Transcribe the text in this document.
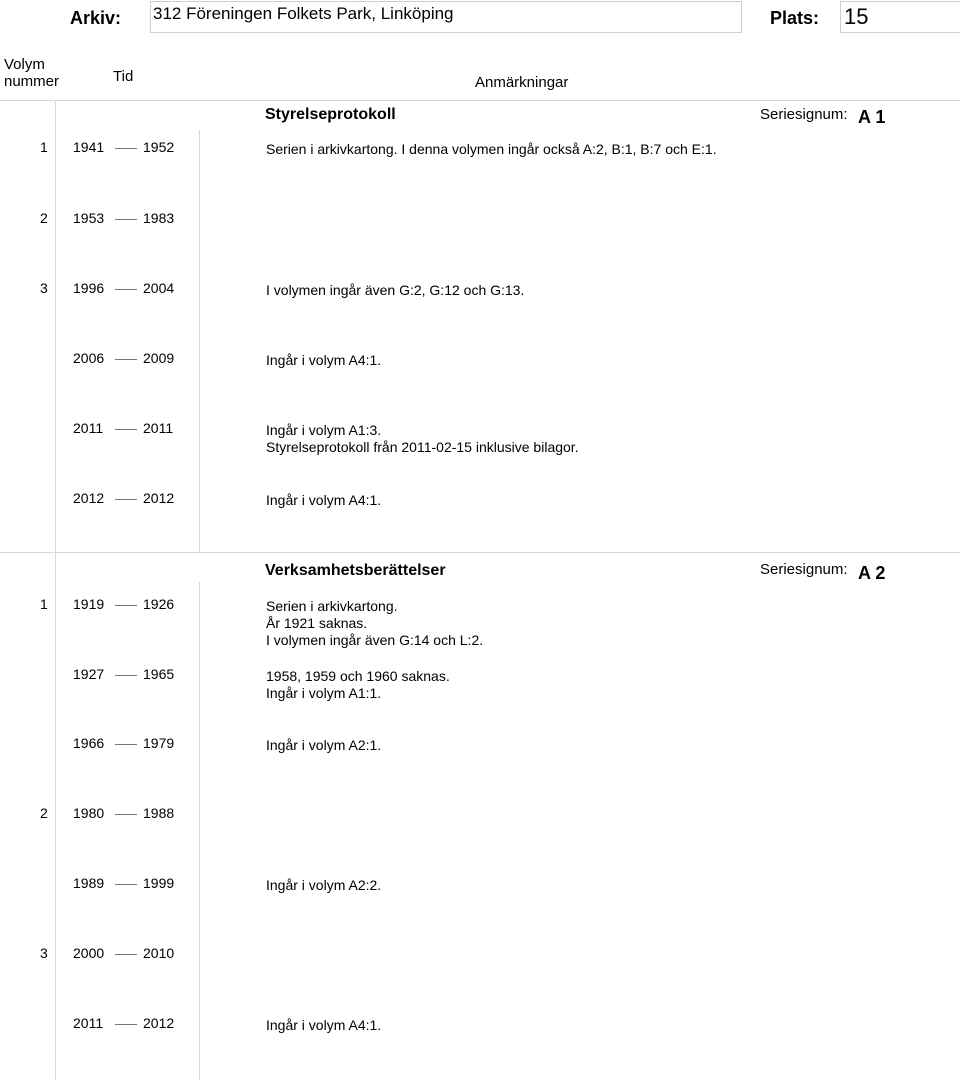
Arkiv: 312 Föreningen Folkets Park, Linköping	Plats: 15
Volym
nummer	Tid	Anmärkningar
Styrelseprotokoll	Seriesignum: A 1
1 1941	1952	Serien i arkivkartong. I denna volymen ingår också A:2, B:1, B:7 och E:1.
2 1953	1983
3 1996	2004	I volymen ingår även G:2, G:12 och G:13.
2006	2009	Ingår i volym A4:1.
2011	2011	Ingår i volym A1:3.
Styrelseprotokoll från 2011-02-15 inklusive bilagor.
2012	2012	Ingår i volym A4:1.
Verksamhetsberättelser	Seriesignum: A 2
1 1919	1926	Serien i arkivkartong.
År 1921 saknas.
I volymen ingår även G:14 och L:2.
1927	1965	1958, 1959 och 1960 saknas.
Ingår i volym A1:1.
1966	1979	Ingår i volym A2:1.
2 1980	1988
1989	1999	Ingår i volym A2:2.
3 2000	2010
2011	2012	Ingår i volym A4:1.
